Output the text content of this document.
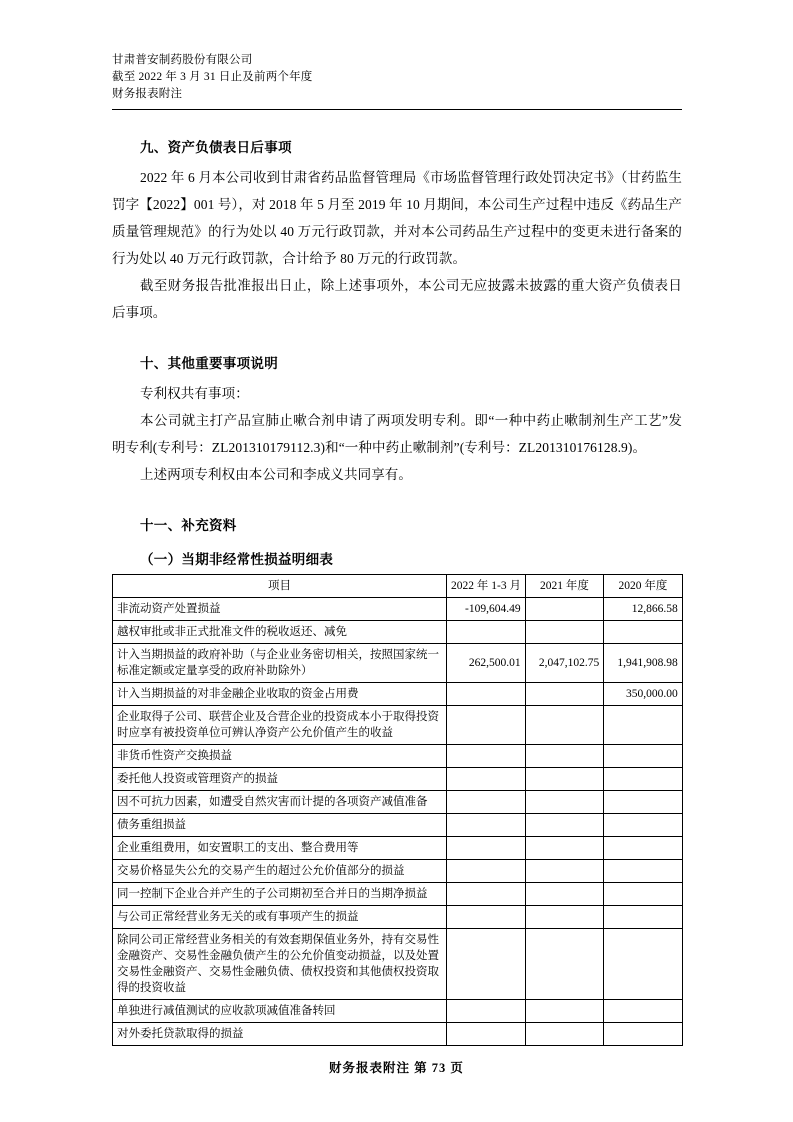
甘肃普安制药股份有限公司
截至 2022 年 3 月 31 日止及前两个年度
财务报表附注
九、资产负债表日后事项

2022 年 6 月本公司收到甘肃省药品监督管理局《市场监督管理行政处罚决定书》（甘药监生罚字【2022】001 号），对 2018 年 5 月至 2019 年 10 月期间，本公司生产过程中违反《药品生产质量管理规范》的行为处以 40 万元行政罚款，并对本公司药品生产过程中的变更未进行备案的行为处以 40 万元行政罚款，合计给予 80 万元的行政罚款。

截至财务报告批准报出日止，除上述事项外，本公司无应披露未披露的重大资产负债表日后事项。

十、其他重要事项说明

专利权共有事项：

本公司就主打产品宣肺止嗽合剂申请了两项发明专利。即“一种中药止嗽制剂生产工艺”发明专利(专利号：ZL201310179112.3)和“一种中药止嗽制剂”(专利号：ZL201310176128.9)。

上述两项专利权由本公司和李成义共同享有。

十一、补充资料
（一）当期非经常性损益明细表
项目	2022 年 1-3 月	2021 年度	2020 年度
非流动资产处置损益	-109,604.49		12,866.58
越权审批或非正式批准文件的税收返还、减免			
计入当期损益的政府补助（与企业业务密切相关，按照国家统一标准定额或定量享受的政府补助除外）	262,500.01	2,047,102.75	1,941,908.98
计入当期损益的对非金融企业收取的资金占用费			350,000.00
企业取得子公司、联营企业及合营企业的投资成本小于取得投资时应享有被投资单位可辨认净资产公允价值产生的收益			
非货币性资产交换损益			
委托他人投资或管理资产的损益			
因不可抗力因素，如遭受自然灾害而计提的各项资产减值准备			
债务重组损益			
企业重组费用，如安置职工的支出、整合费用等			
交易价格显失公允的交易产生的超过公允价值部分的损益			
同一控制下企业合并产生的子公司期初至合并日的当期净损益			
与公司正常经营业务无关的或有事项产生的损益			
除同公司正常经营业务相关的有效套期保值业务外，持有交易性金融资产、交易性金融负债产生的公允价值变动损益，以及处置交易性金融资产、交易性金融负债、债权投资和其他债权投资取得的投资收益			
单独进行减值测试的应收款项减值准备转回			
对外委托贷款取得的损益			
财务报表附注 第 73 页
